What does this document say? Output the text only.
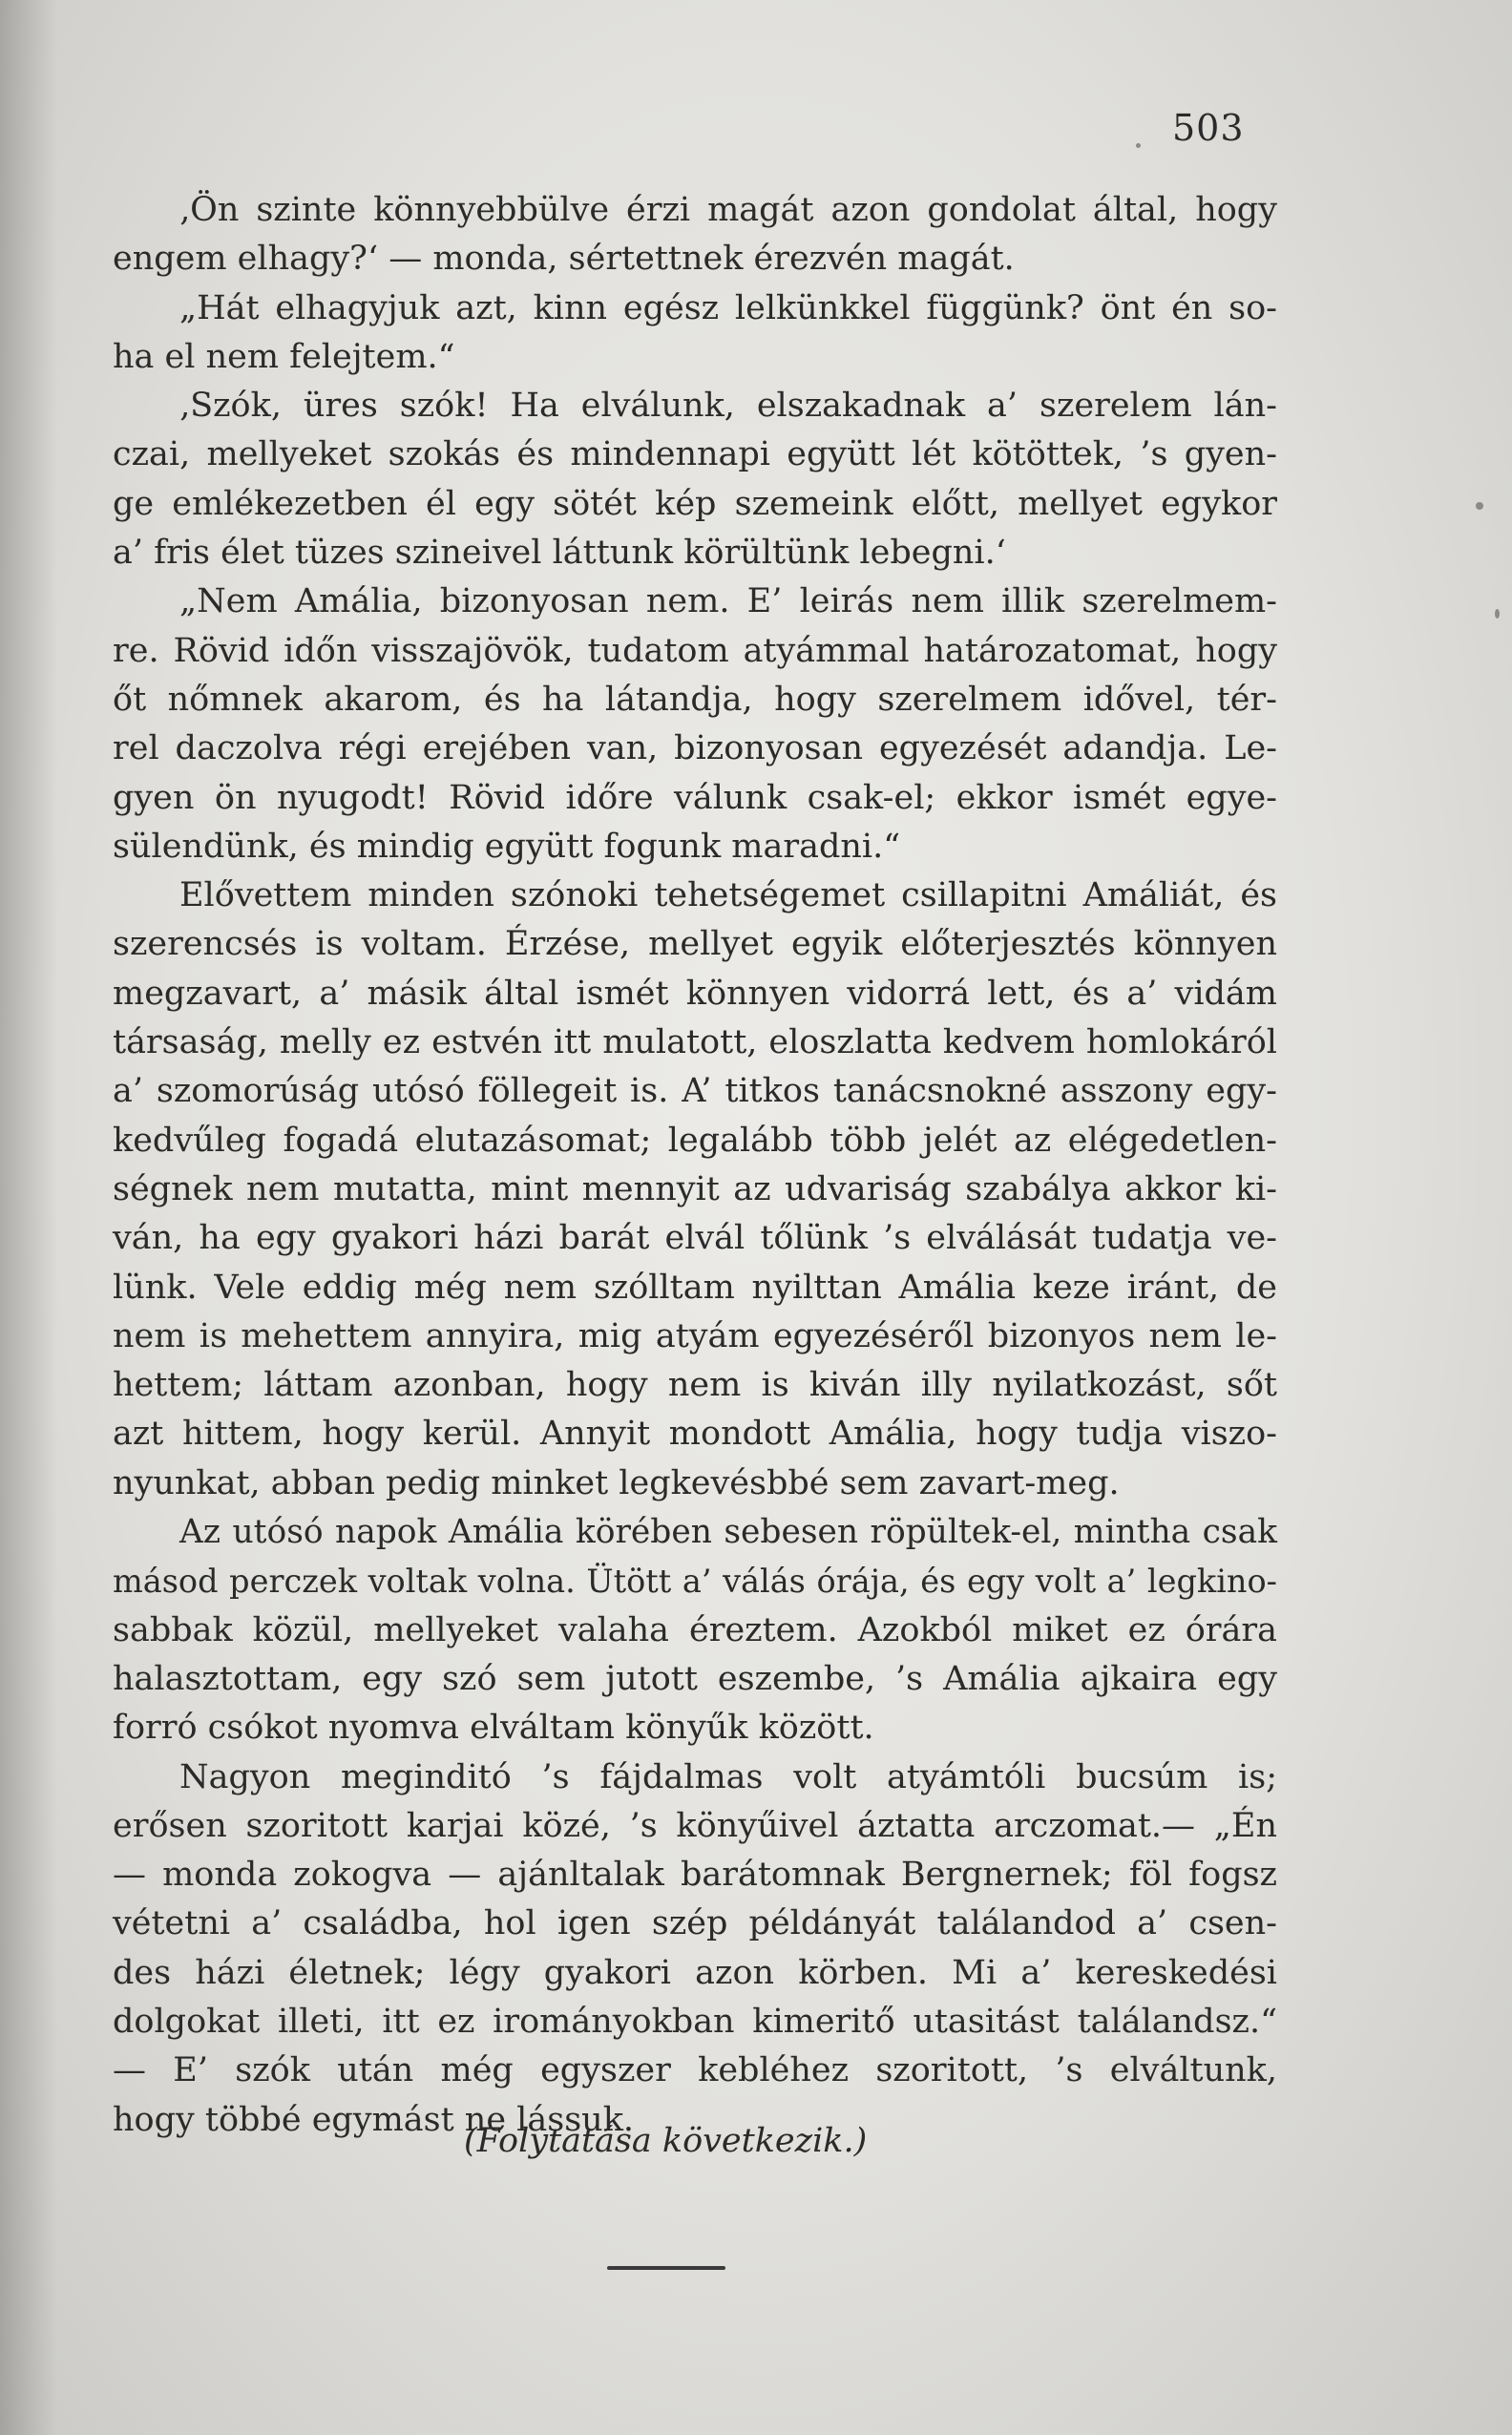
503
‚Ön szinte könnyebbülve érzi magát azon gondolat által, hogy
engem elhagy?‘ — monda, sértettnek érezvén magát.
„Hát elhagyjuk azt, kinn egész lelkünkkel függünk? önt én so-
ha el nem felejtem.“
‚Szók, üres szók! Ha elválunk, elszakadnak a’ szerelem lán-
czai, mellyeket szokás és mindennapi együtt lét kötöttek, ’s gyen-
ge emlékezetben él egy sötét kép szemeink előtt, mellyet egykor
a’ fris élet tüzes szineivel láttunk körültünk lebegni.‘
„Nem Amália, bizonyosan nem. E’ leirás nem illik szerelmem-
re. Rövid időn visszajövök, tudatom atyámmal határozatomat, hogy
őt nőmnek akarom, és ha látandja, hogy szerelmem idővel, tér-
rel daczolva régi erejében van, bizonyosan egyezését adandja. Le-
gyen ön nyugodt! Rövid időre válunk csak-el; ekkor ismét egye-
sülendünk, és mindig együtt fogunk maradni.“
Elővettem minden szónoki tehetségemet csillapitni Amáliát, és
szerencsés is voltam. Érzése, mellyet egyik előterjesztés könnyen
megzavart, a’ másik által ismét könnyen vidorrá lett, és a’ vidám
társaság, melly ez estvén itt mulatott, eloszlatta kedvem homlokáról
a’ szomorúság utósó föllegeit is. A’ titkos tanácsnokné asszony egy-
kedvűleg fogadá elutazásomat; legalább több jelét az elégedetlen-
ségnek nem mutatta, mint mennyit az udvariság szabálya akkor ki-
ván, ha egy gyakori házi barát elvál tőlünk ’s elválását tudatja ve-
lünk. Vele eddig még nem szólltam nyilttan Amália keze iránt, de
nem is mehettem annyira, mig atyám egyezéséről bizonyos nem le-
hettem; láttam azonban, hogy nem is kiván illy nyilatkozást, sőt
azt hittem, hogy kerül. Annyit mondott Amália, hogy tudja viszo-
nyunkat, abban pedig minket legkevésbbé sem zavart-meg.
Az utósó napok Amália körében sebesen röpültek-el, mintha csak
másod perczek voltak volna. Ütött a’ válás órája, és egy volt a’ legkino-
sabbak közül, mellyeket valaha éreztem. Azokból miket ez órára
halasztottam, egy szó sem jutott eszembe, ’s Amália ajkaira egy
forró csókot nyomva elváltam könyűk között.
Nagyon meginditó ’s fájdalmas volt atyámtóli bucsúm is;
erősen szoritott karjai közé, ’s könyűivel áztatta arczomat.— „Én
— monda zokogva — ajánltalak barátomnak Bergnernek; föl fogsz
vétetni a’ családba, hol igen szép példányát találandod a’ csen-
des házi életnek; légy gyakori azon körben. Mi a’ kereskedési
dolgokat illeti, itt ez irományokban kimeritő utasitást találandsz.“
— E’ szók után még egyszer kebléhez szoritott, ’s elváltunk,
hogy többé egymást ne lássuk.
(Folytatása következik.)
